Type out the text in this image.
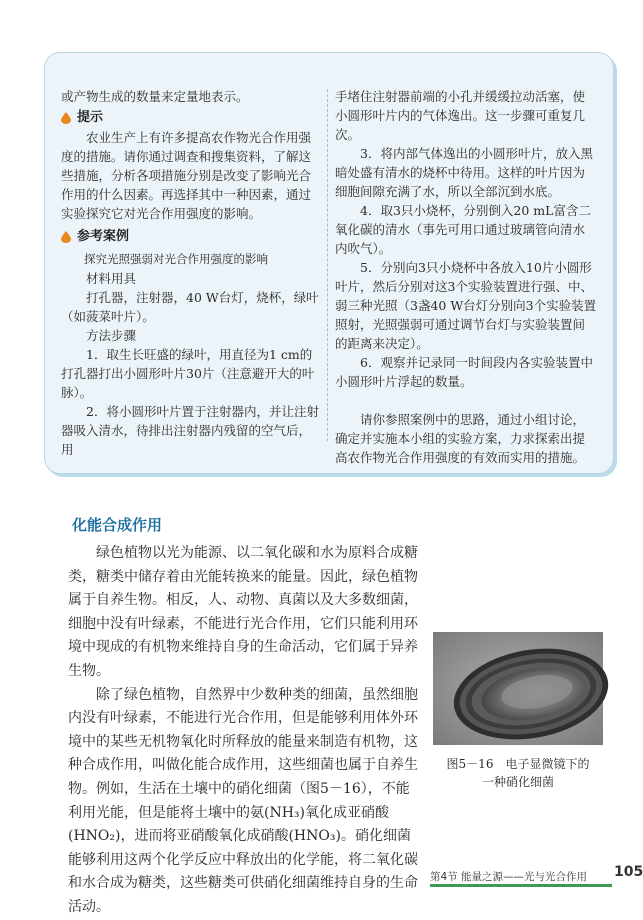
或产物生成的数量来定量地表示。

提示

农业生产上有许多提高农作物光合作用强度的措施。请你通过调查和搜集资料，了解这些措施，分析各项措施分别是改变了影响光合作用的什么因素。再选择其中一种因素，通过实验探究它对光合作用强度的影响。

参考案例

探究光照强弱对光合作用强度的影响

材料用具

打孔器，注射器，40 W台灯，烧杯，绿叶（如菠菜叶片）。

方法步骤

1．取生长旺盛的绿叶，用直径为1 cm的打孔器打出小圆形叶片30片（注意避开大的叶脉）。

2．将小圆形叶片置于注射器内，并让注射器吸入清水，待排出注射器内残留的空气后，用

手堵住注射器前端的小孔并缓缓拉动活塞，使小圆形叶片内的气体逸出。这一步骤可重复几次。

3．将内部气体逸出的小圆形叶片，放入黑暗处盛有清水的烧杯中待用。这样的叶片因为细胞间隙充满了水，所以全部沉到水底。

4．取3只小烧杯，分别倒入20 mL富含二氧化碳的清水（事先可用口通过玻璃管向清水内吹气）。

5．分别向3只小烧杯中各放入10片小圆形叶片，然后分别对这3个实验装置进行强、中、弱三种光照（3盏40 W台灯分别向3个实验装置照射，光照强弱可通过调节台灯与实验装置间的距离来决定）。

6．观察并记录同一时间段内各实验装置中小圆形叶片浮起的数量。

请你参照案例中的思路，通过小组讨论，确定并实施本小组的实验方案，力求探索出提高农作物光合作用强度的有效而实用的措施。

化能合成作用

绿色植物以光为能源、以二氧化碳和水为原料合成糖类，糖类中储存着由光能转换来的能量。因此，绿色植物属于自养生物。相反，人、动物、真菌以及大多数细菌，细胞中没有叶绿素，不能进行光合作用，它们只能利用环境中现成的有机物来维持自身的生命活动，它们属于异养生物。

除了绿色植物，自然界中少数种类的细菌，虽然细胞内没有叶绿素，不能进行光合作用，但是能够利用体外环境中的某些无机物氧化时所释放的能量来制造有机物，这种合成作用，叫做化能合成作用，这些细菌也属于自养生物。例如，生活在土壤中的硝化细菌（图5－16），不能利用光能，但是能将土壤中的氨(NH₃)氧化成亚硝酸(HNO₂)，进而将亚硝酸氧化成硝酸(HNO₃)。硝化细菌能够利用这两个化学反应中释放出的化学能，将二氧化碳和水合成为糖类，这些糖类可供硝化细菌维持自身的生命活动。

图5－16　电子显微镜下的
一种硝化细菌
第4节 能量之源——光与光合作用 105
